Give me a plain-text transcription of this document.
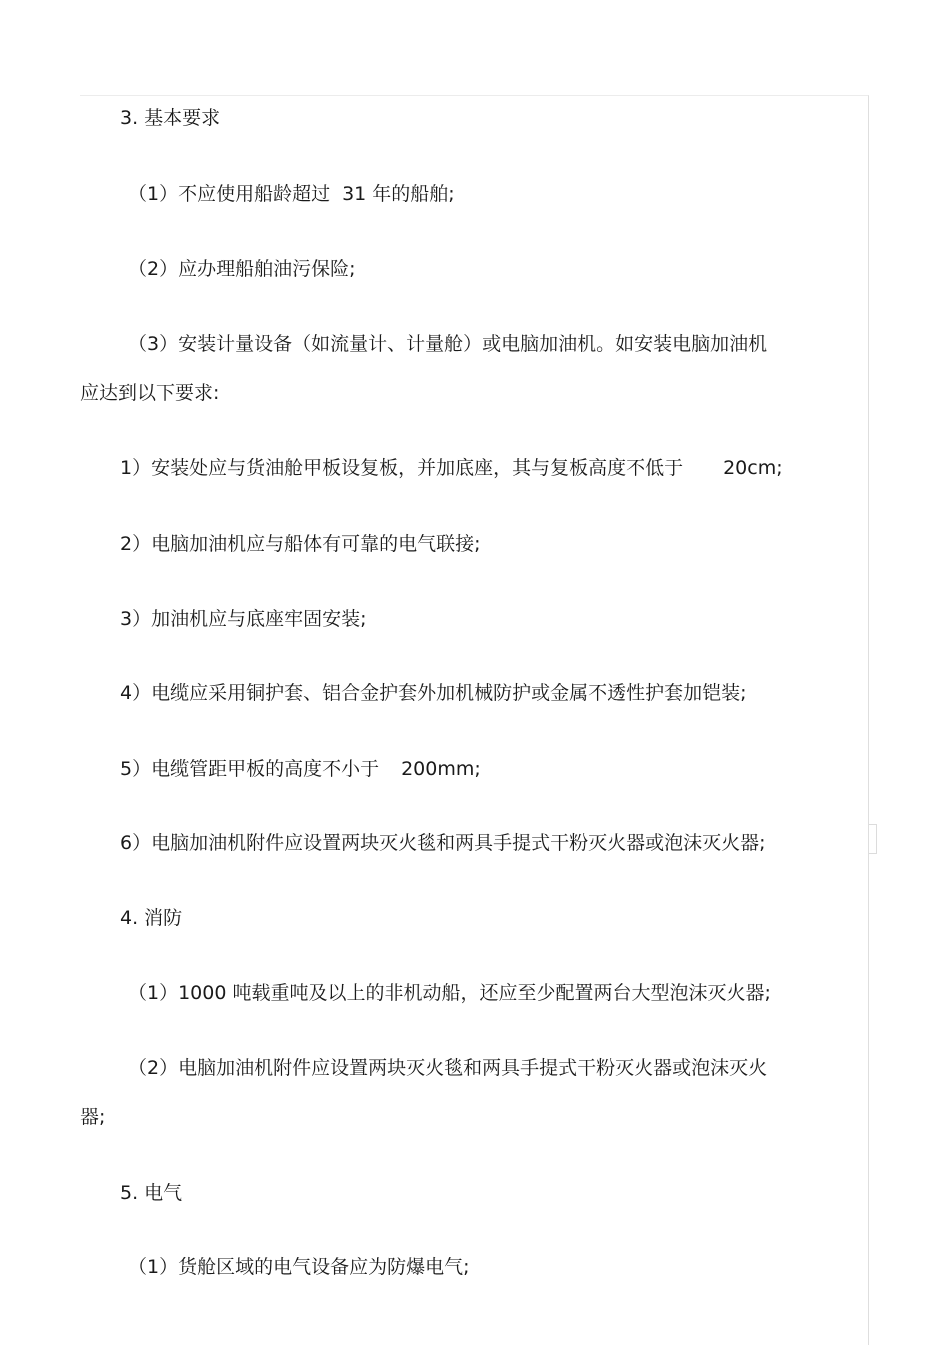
3. 基本要求

（1）不应使用船龄超过 31 年的船舶;

（2）应办理船舶油污保险;

（3）安装计量设备（如流量计、计量舱）或电脑加油机。如安装电脑加油机

应达到以下要求:

1）安装处应与货油舱甲板设复板，并加底座，其与复板高度不低于 20cm;

2）电脑加油机应与船体有可靠的电气联接;

3）加油机应与底座牢固安装;

4）电缆应采用铜护套、铝合金护套外加机械防护或金属不透性护套加铠装;

5）电缆管距甲板的高度不小于 200mm;

6）电脑加油机附件应设置两块灭火毯和两具手提式干粉灭火器或泡沫灭火器;

4. 消防

（1）1000 吨载重吨及以上的非机动船，还应至少配置两台大型泡沫灭火器;

（2）电脑加油机附件应设置两块灭火毯和两具手提式干粉灭火器或泡沫灭火

器;

5. 电气

（1）货舱区域的电气设备应为防爆电气;
